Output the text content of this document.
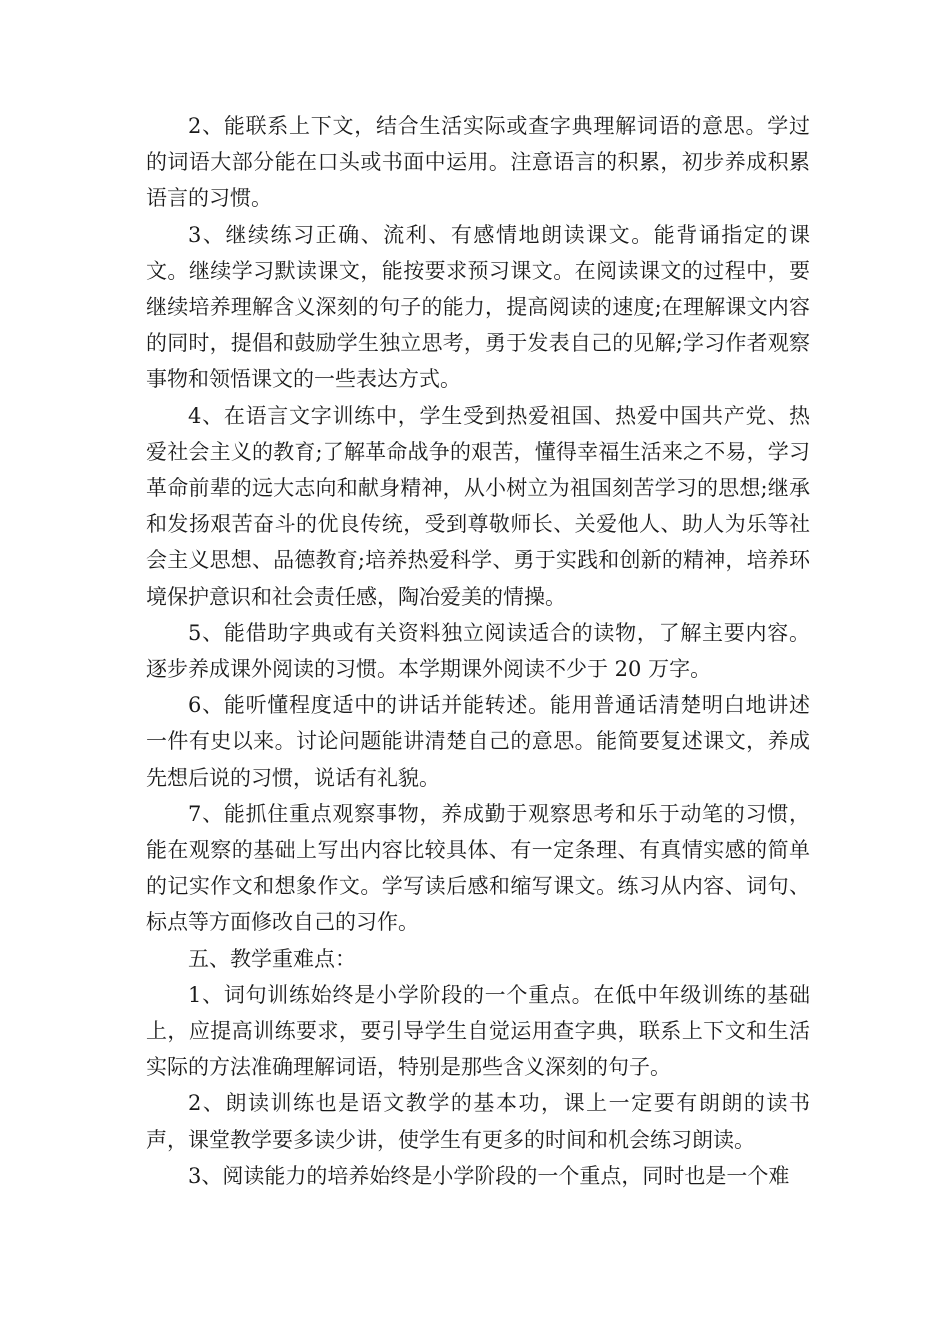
2、能联系上下文，结合生活实际或查字典理解词语的意思。学过的词语大部分能在口头或书面中运用。注意语言的积累，初步养成积累语言的习惯。

3、继续练习正确、流利、有感情地朗读课文。能背诵指定的课文。继续学习默读课文，能按要求预习课文。在阅读课文的过程中，要继续培养理解含义深刻的句子的能力，提高阅读的速度;在理解课文内容的同时，提倡和鼓励学生独立思考，勇于发表自己的见解;学习作者观察事物和领悟课文的一些表达方式。

4、在语言文字训练中，学生受到热爱祖国、热爱中国共产党、热爱社会主义的教育;了解革命战争的艰苦，懂得幸福生活来之不易，学习革命前辈的远大志向和献身精神，从小树立为祖国刻苦学习的思想;继承和发扬艰苦奋斗的优良传统，受到尊敬师长、关爱他人、助人为乐等社会主义思想、品德教育;培养热爱科学、勇于实践和创新的精神，培养环境保护意识和社会责任感，陶冶爱美的情操。

5、能借助字典或有关资料独立阅读适合的读物，了解主要内容。逐步养成课外阅读的习惯。本学期课外阅读不少于 20 万字。

6、能听懂程度适中的讲话并能转述。能用普通话清楚明白地讲述一件有史以来。讨论问题能讲清楚自己的意思。能简要复述课文，养成先想后说的习惯，说话有礼貌。

7、能抓住重点观察事物，养成勤于观察思考和乐于动笔的习惯，能在观察的基础上写出内容比较具体、有一定条理、有真情实感的简单的记实作文和想象作文。学写读后感和缩写课文。练习从内容、词句、标点等方面修改自己的习作。

五、教学重难点：

1、词句训练始终是小学阶段的一个重点。在低中年级训练的基础上，应提高训练要求，要引导学生自觉运用查字典，联系上下文和生活实际的方法准确理解词语，特别是那些含义深刻的句子。

2、朗读训练也是语文教学的基本功，课上一定要有朗朗的读书声，课堂教学要多读少讲，使学生有更多的时间和机会练习朗读。

3、阅读能力的培养始终是小学阶段的一个重点，同时也是一个难
